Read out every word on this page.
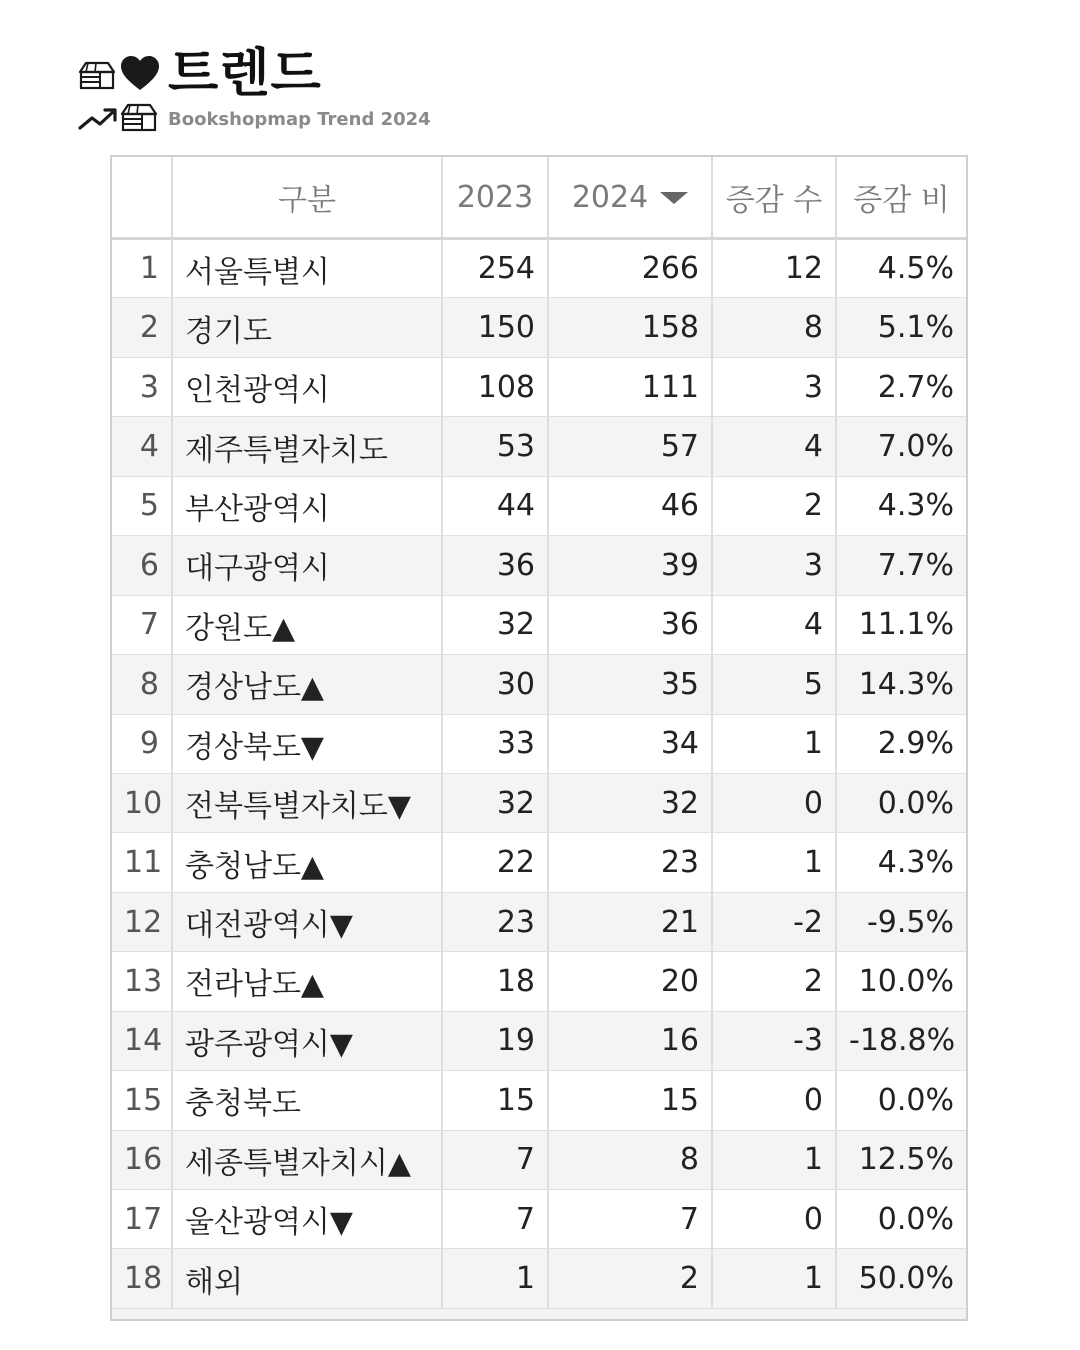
트렌드
Bookshopmap Trend 2024
	구분	2023	2024	증감 수	증감 비
1	서울특별시	254	266	12	4.5%
2	경기도	150	158	8	5.1%
3	인천광역시	108	111	3	2.7%
4	제주특별자치도	53	57	4	7.0%
5	부산광역시	44	46	2	4.3%
6	대구광역시	36	39	3	7.7%
7	강원도▲	32	36	4	11.1%
8	경상남도▲	30	35	5	14.3%
9	경상북도▼	33	34	1	2.9%
10	전북특별자치도▼	32	32	0	0.0%
11	충청남도▲	22	23	1	4.3%
12	대전광역시▼	23	21	-2	-9.5%
13	전라남도▲	18	20	2	10.0%
14	광주광역시▼	19	16	-3	-18.8%
15	충청북도	15	15	0	0.0%
16	세종특별자치시▲	7	8	1	12.5%
17	울산광역시▼	7	7	0	0.0%
18	해외	1	2	1	50.0%
